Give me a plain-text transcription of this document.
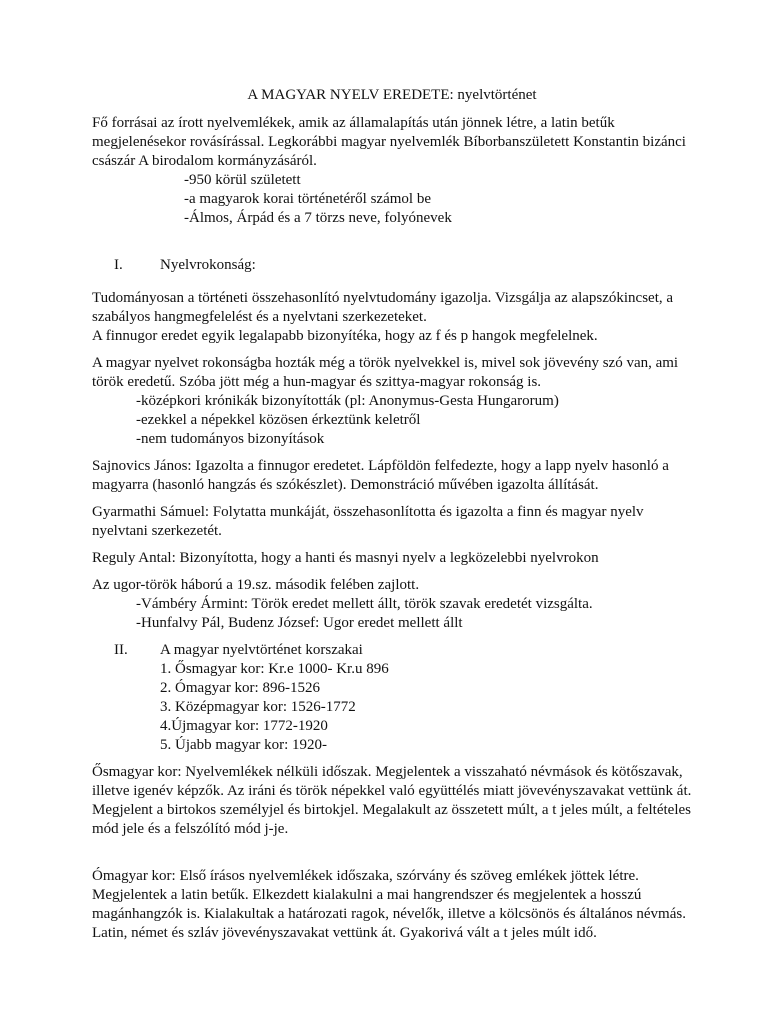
A MAGYAR NYELV EREDETE: nyelvtörténet

Fő forrásai az írott nyelvemlékek, amik az államalapítás után jönnek létre, a latin betűk megjelenésekor rovásírással. Legkorábbi magyar nyelvemlék Bíborbanszületett Konstantin bizánci császár A birodalom kormányzásáról.

-950 körül született

-a magyarok korai történetéről számol be

-Álmos, Árpád és a 7 törzs neve, folyónevek

I.	Nyelvrokonság:

Tudományosan a történeti összehasonlító nyelvtudomány igazolja. Vizsgálja az alapszókincset, a szabályos hangmegfelelést és a nyelvtani szerkezeteket.

A finnugor eredet egyik legalapabb bizonyítéka, hogy az f és p hangok megfelelnek.

A magyar nyelvet rokonságba hozták még a török nyelvekkel is, mivel sok jövevény szó van, ami török eredetű. Szóba jött még a hun-magyar és szittya-magyar rokonság is.

-középkori krónikák bizonyították (pl: Anonymus-Gesta Hungarorum)

-ezekkel a népekkel közösen érkeztünk keletről

-nem tudományos bizonyítások

Sajnovics János: Igazolta a finnugor eredetet. Lápföldön felfedezte, hogy a lapp nyelv hasonló a magyarra (hasonló hangzás és szókészlet). Demonstráció művében igazolta állítását.

Gyarmathi Sámuel: Folytatta munkáját, összehasonlította és igazolta a finn és magyar nyelv nyelvtani szerkezetét.

Reguly Antal: Bizonyította, hogy a hanti és masnyi nyelv a legközelebbi nyelvrokon

Az ugor-török háború a 19.sz. második felében zajlott.

-Vámbéry Ármint: Török eredet mellett állt, török szavak eredetét vizsgálta.

-Hunfalvy Pál, Budenz József: Ugor eredet mellett állt

II.	A magyar nyelvtörténet korszakai

1. Ősmagyar kor: Kr.e 1000- Kr.u 896

2. Ómagyar kor: 896-1526

3. Középmagyar kor: 1526-1772

4.Újmagyar kor: 1772-1920

5. Újabb magyar kor: 1920-

Ősmagyar kor: Nyelvemlékek nélküli időszak. Megjelentek a visszaható névmások és kötőszavak, illetve igenév képzők. Az iráni és török népekkel való együttélés miatt jövevényszavakat vettünk át. Megjelent a birtokos személyjel és birtokjel. Megalakult az összetett múlt, a t jeles múlt, a feltételes mód jele és a felszólító mód j-je.

Ómagyar kor: Első írásos nyelvemlékek időszaka, szórvány és szöveg emlékek jöttek létre. Megjelentek a latin betűk. Elkezdett kialakulni a mai hangrendszer és megjelentek a hosszú magánhangzók is. Kialakultak a határozati ragok, névelők, illetve a kölcsönös és általános névmás. Latin, német és szláv jövevényszavakat vettünk át. Gyakorivá vált a t jeles múlt idő.
